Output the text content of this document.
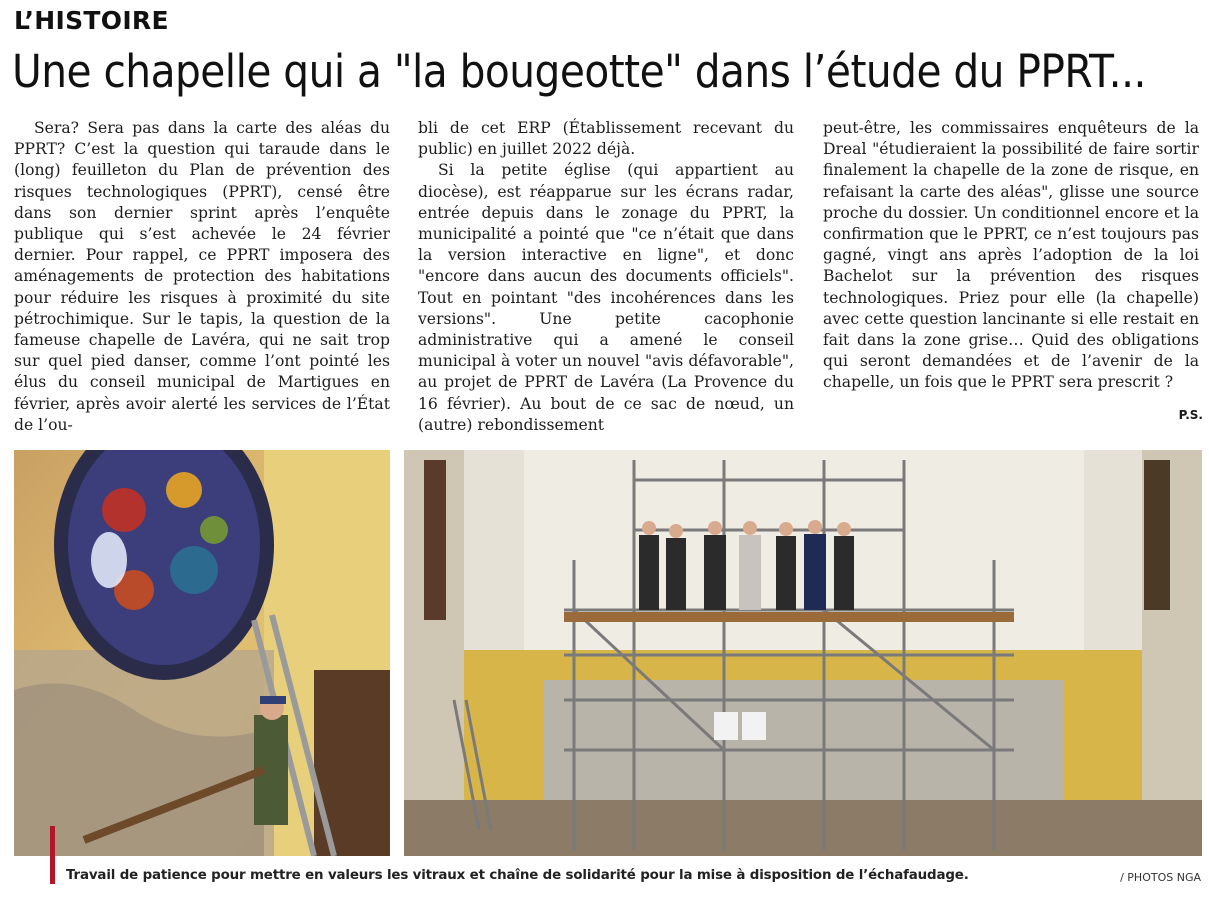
L’HISTOIRE
Une chapelle qui a "la bougeotte" dans l’étude du PPRT...

Sera? Sera pas dans la carte des aléas du PPRT? C’est la question qui taraude dans le (long) feuilleton du Plan de prévention des risques technologiques (PPRT), censé être dans son dernier sprint après l’enquête publique qui s’est achevée le 24 février dernier. Pour rappel, ce PPRT imposera des aménagements de protection des habitations pour réduire les risques à proximité du site pétrochimique. Sur le tapis, la question de la fameuse chapelle de Lavéra, qui ne sait trop sur quel pied danser, comme l’ont pointé les élus du conseil municipal de Martigues en février, après avoir alerté les services de l’État de l’ou-

bli de cet ERP (Établissement recevant du public) en juillet 2022 déjà.

Si la petite église (qui appartient au diocèse), est réapparue sur les écrans radar, entrée depuis dans le zonage du PPRT, la municipalité a pointé que "ce n’était que dans la version interactive en ligne", et donc "encore dans aucun des documents officiels". Tout en pointant "des incohérences dans les versions". Une petite cacophonie administrative qui a amené le conseil municipal à voter un nouvel "avis défavorable", au projet de PPRT de Lavéra (La Provence du 16 février). Au bout de ce sac de nœud, un (autre) rebondissement

peut-être, les commissaires enquêteurs de la Dreal "étudieraient la possibilité de faire sortir finalement la chapelle de la zone de risque, en refaisant la carte des aléas", glisse une source proche du dossier. Un conditionnel encore et la confirmation que le PPRT, ce n’est toujours pas gagné, vingt ans après l’adoption de la loi Bachelot sur la prévention des risques technologiques. Priez pour elle (la chapelle) avec cette question lancinante si elle restait en fait dans la zone grise… Quid des obligations qui seront demandées et de l’avenir de la chapelle, un fois que le PPRT sera prescrit ?

P.S.
Travail de patience pour mettre en valeurs les vitraux et chaîne de solidarité pour la mise à disposition de l’échafaudage.	/ PHOTOS NGA
